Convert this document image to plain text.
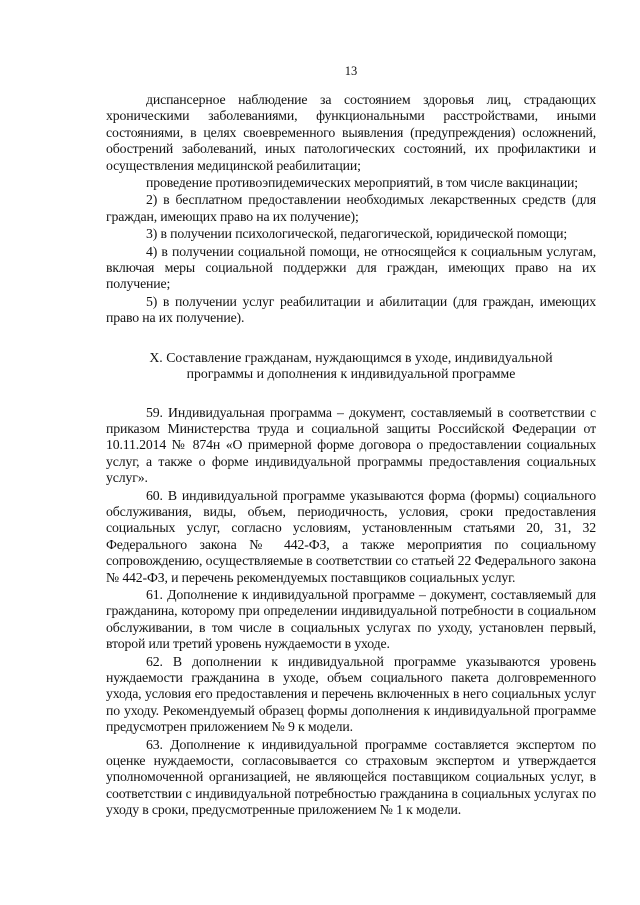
13

диспансерное наблюдение за состоянием здоровья лиц, страдающих хроническими заболеваниями, функциональными расстройствами, иными состояниями, в целях своевременного выявления (предупреждения) осложнений, обострений заболеваний, иных патологических состояний, их профилактики и осуществления медицинской реабилитации;

проведение противоэпидемических мероприятий, в том числе вакцинации;

2) в бесплатном предоставлении необходимых лекарственных средств (для граждан, имеющих право на их получение);

3) в получении психологической, педагогической, юридической помощи;

4) в получении социальной помощи, не относящейся к социальным услугам, включая меры социальной поддержки для граждан, имеющих право на их получение;

5) в получении услуг реабилитации и абилитации (для граждан, имеющих право на их получение).

X. Составление гражданам, нуждающимся в уходе, индивидуальной
программы и дополнения к индивидуальной программе

59. Индивидуальная программа – документ, составляемый в соответствии с приказом Министерства труда и социальной защиты Российской Федерации от 10.11.2014 № 874н «О примерной форме договора о предоставлении социальных услуг, а также о форме индивидуальной программы предоставления социальных услуг».

60. В индивидуальной программе указываются форма (формы) социального обслуживания, виды, объем, периодичность, условия, сроки предоставления социальных услуг, согласно условиям, установленным статьями 20, 31, 32 Федерального закона № 442-ФЗ, а также мероприятия по социальному сопровождению, осуществляемые в соответствии со статьей 22 Федерального закона № 442-ФЗ, и перечень рекомендуемых поставщиков социальных услуг.

61. Дополнение к индивидуальной программе – документ, составляемый для гражданина, которому при определении индивидуальной потребности в социальном обслуживании, в том числе в социальных услугах по уходу, установлен первый, второй или третий уровень нуждаемости в уходе.

62. В дополнении к индивидуальной программе указываются уровень нуждаемости гражданина в уходе, объем социального пакета долговременного ухода, условия его предоставления и перечень включенных в него социальных услуг по уходу. Рекомендуемый образец формы дополнения к индивидуальной программе предусмотрен приложением № 9 к модели.

63. Дополнение к индивидуальной программе составляется экспертом по оценке нуждаемости, согласовывается со страховым экспертом и утверждается уполномоченной организацией, не являющейся поставщиком социальных услуг, в соответствии с индивидуальной потребностью гражданина в социальных услугах по уходу в сроки, предусмотренные приложением № 1 к модели.
